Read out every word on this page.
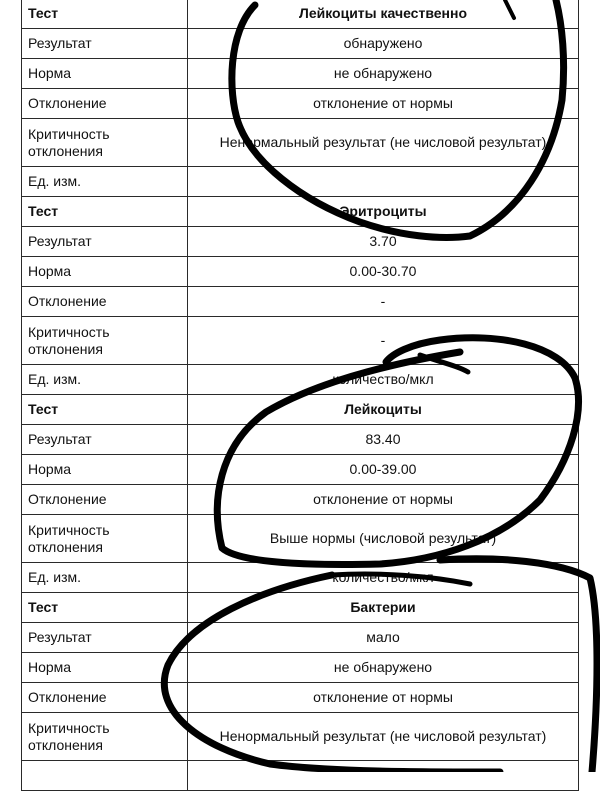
Тест	Лейкоциты качественно
Результат	обнаружено
Норма	не обнаружено
Отклонение	отклонение от нормы
Критичность отклонения	Ненормальный результат (не числовой результат)
Ед. изм.	
Тест	Эритроциты
Результат	3.70
Норма	0.00-30.70
Отклонение	-
Критичность отклонения	-
Ед. изм.	количество/мкл
Тест	Лейкоциты
Результат	83.40
Норма	0.00-39.00
Отклонение	отклонение от нормы
Критичность отклонения	Выше нормы (числовой результат)
Ед. изм.	количество/мкл
Тест	Бактерии
Результат	мало
Норма	не обнаружено
Отклонение	отклонение от нормы
Критичность отклонения	Ненормальный результат (не числовой результат)
